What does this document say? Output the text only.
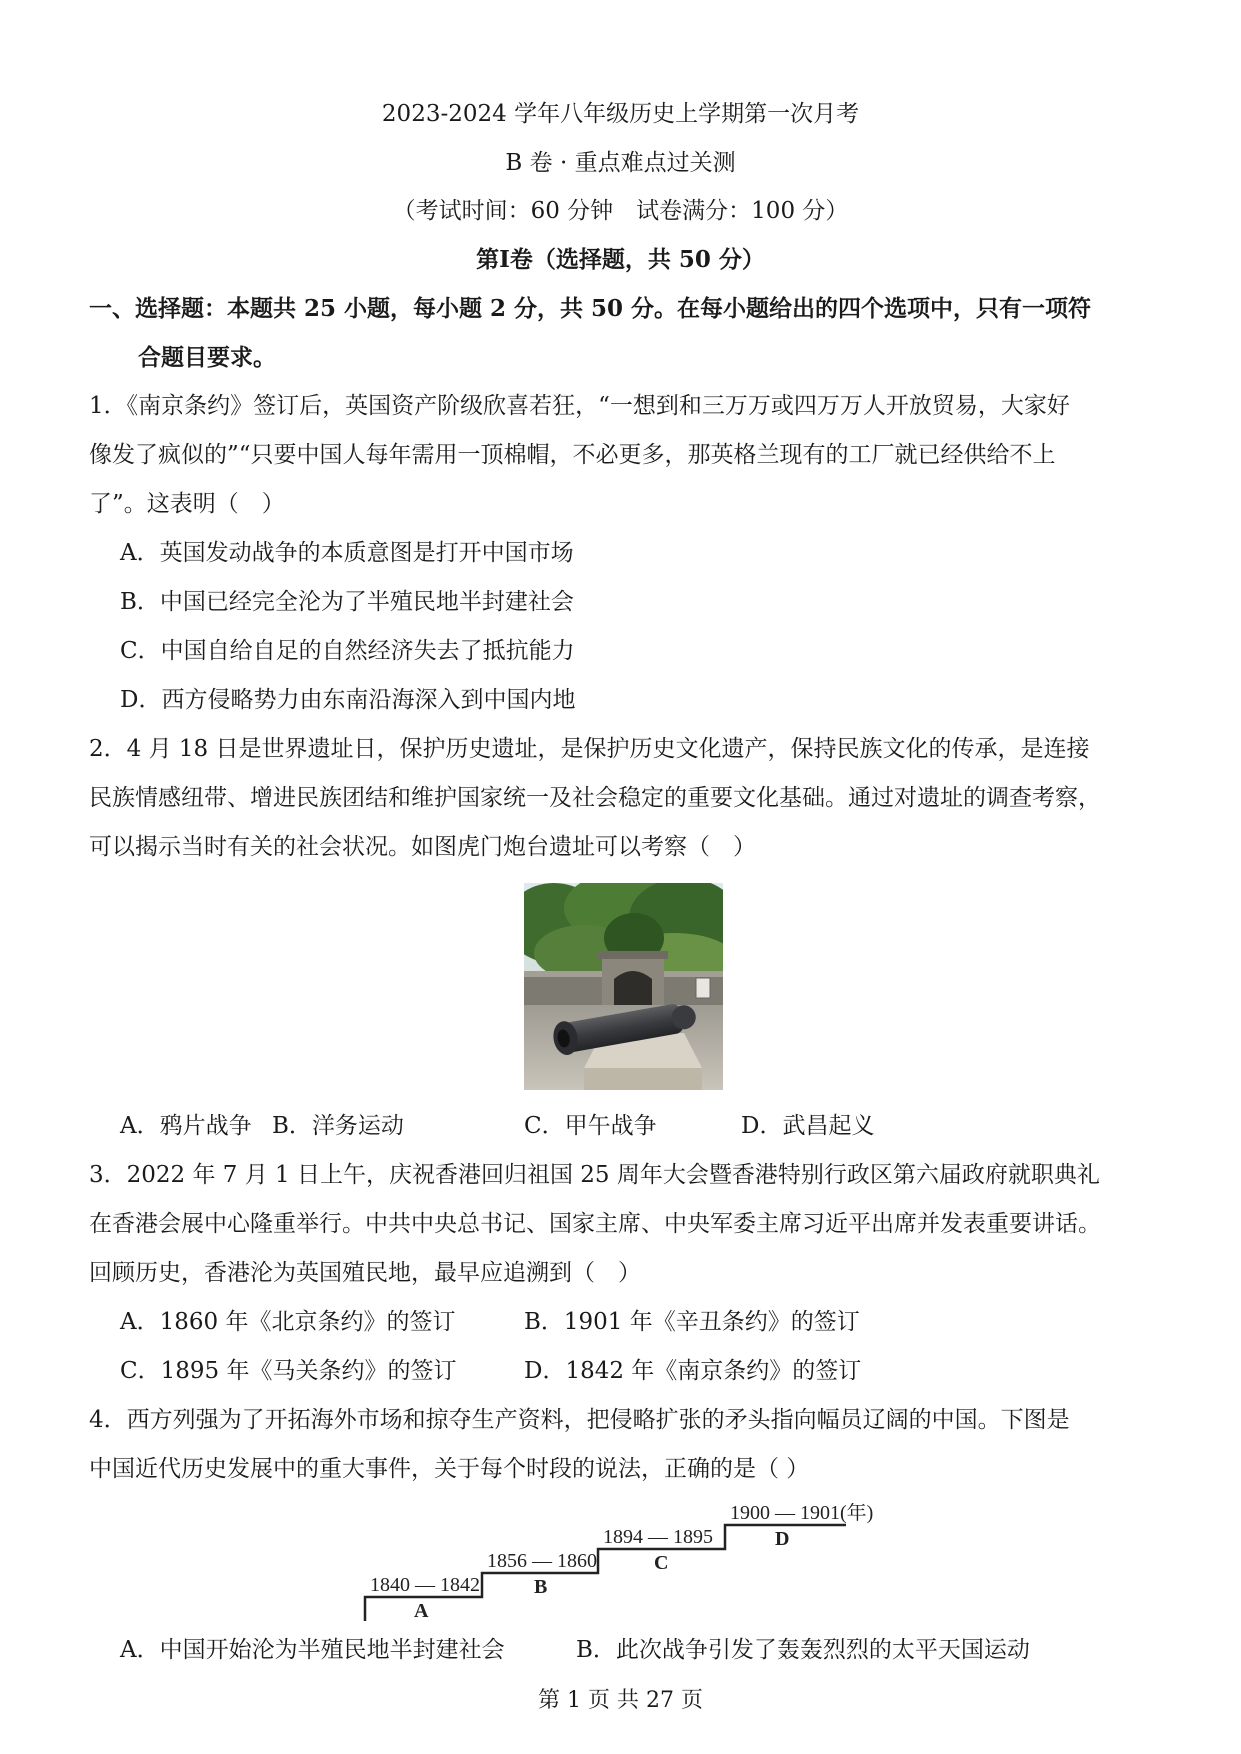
2023-2024 学年八年级历史上学期第一次月考
B 卷 · 重点难点过关测
（考试时间：60 分钟　试卷满分：100 分）
第Ⅰ卷（选择题，共 50 分）
一、选择题：本题共 25 小题，每小题 2 分，共 50 分。在每小题给出的四个选项中，只有一项符
合题目要求。
1．《南京条约》签订后，英国资产阶级欣喜若狂，“一想到和三万万或四万万人开放贸易，大家好
像发了疯似的”“只要中国人每年需用一顶棉帽，不必更多，那英格兰现有的工厂就已经供给不上
了”。这表明（　）
A．英国发动战争的本质意图是打开中国市场
B．中国已经完全沦为了半殖民地半封建社会
C．中国自给自足的自然经济失去了抵抗能力
D．西方侵略势力由东南沿海深入到中国内地
2．4 月 18 日是世界遗址日，保护历史遗址，是保护历史文化遗产，保持民族文化的传承，是连接
民族情感纽带、增进民族团结和维护国家统一及社会稳定的重要文化基础。通过对遗址的调查考察，
可以揭示当时有关的社会状况。如图虎门炮台遗址可以考察（　）
A．鸦片战争 B．洋务运动	C．甲午战争	D．武昌起义
3．2022 年 7 月 1 日上午，庆祝香港回归祖国 25 周年大会暨香港特别行政区第六届政府就职典礼
在香港会展中心隆重举行。中共中央总书记、国家主席、中央军委主席习近平出席并发表重要讲话。
回顾历史，香港沦为英国殖民地，最早应追溯到（　）
A．1860 年《北京条约》的签订	B．1901 年《辛丑条约》的签订
C．1895 年《马关条约》的签订	D．1842 年《南京条约》的签订
4．西方列强为了开拓海外市场和掠夺生产资料，把侵略扩张的矛头指向幅员辽阔的中国。下图是
中国近代历史发展中的重大事件，关于每个时段的说法，正确的是（ ）
1840 — 1842
A
1856 — 1860
B
1894 — 1895
C
1900 — 1901
D
(年)
A．中国开始沦为半殖民地半封建社会	B．此次战争引发了轰轰烈烈的太平天国运动
第 1 页 共 27 页
